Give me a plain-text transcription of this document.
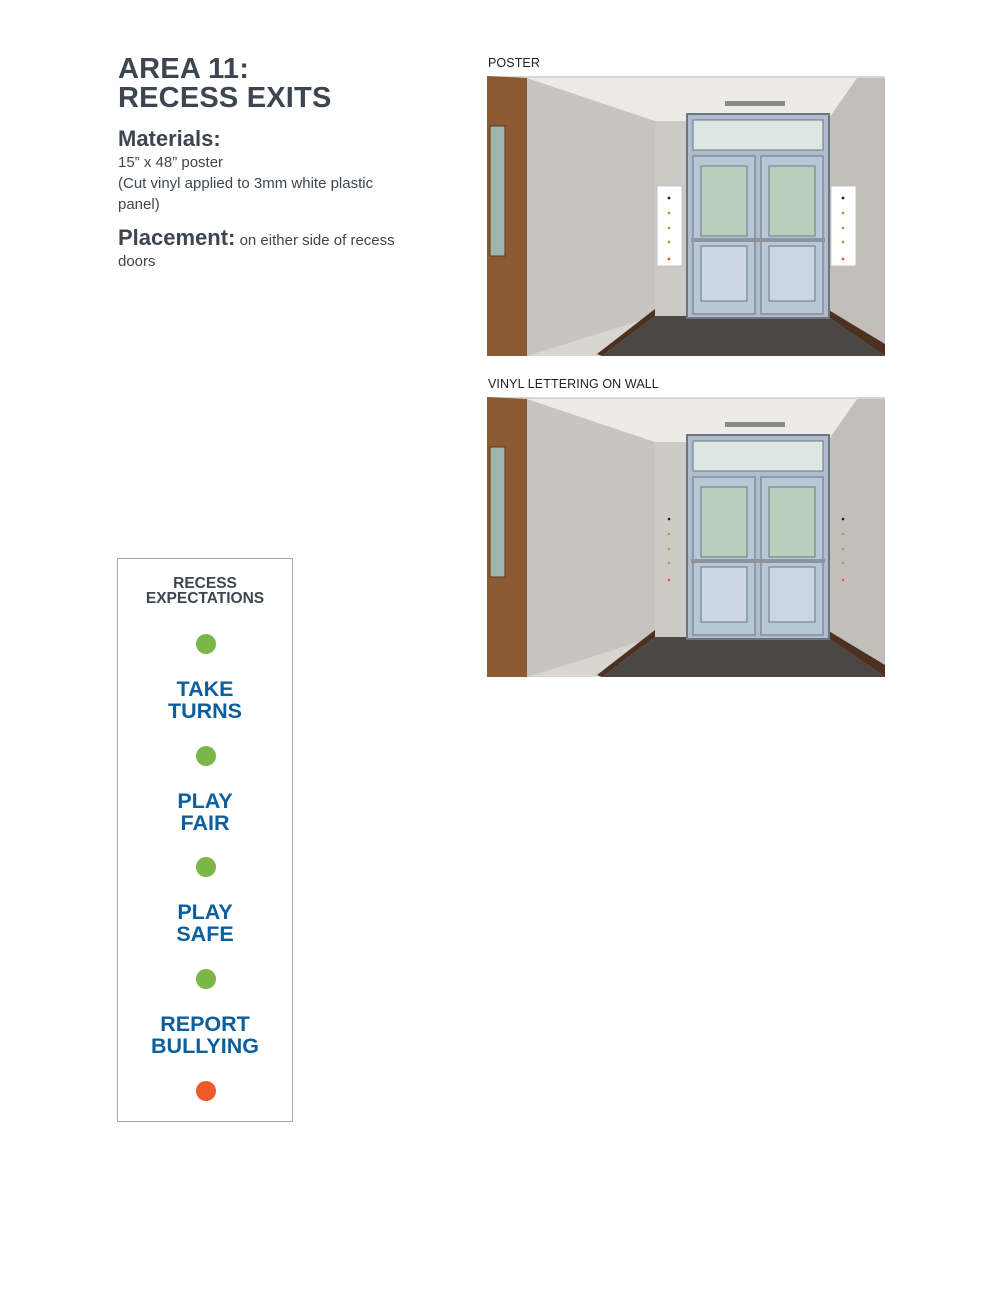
AREA 11:
RECESS EXITS
Materials:
15” x 48” poster
(Cut vinyl applied to 3mm white plastic panel)
Placement: on either side of recess doors
POSTER
VINYL LETTERING ON WALL
RECESS
EXPECTATIONS
TAKE
TURNS
PLAY
FAIR
PLAY
SAFE
REPORT
BULLYING
